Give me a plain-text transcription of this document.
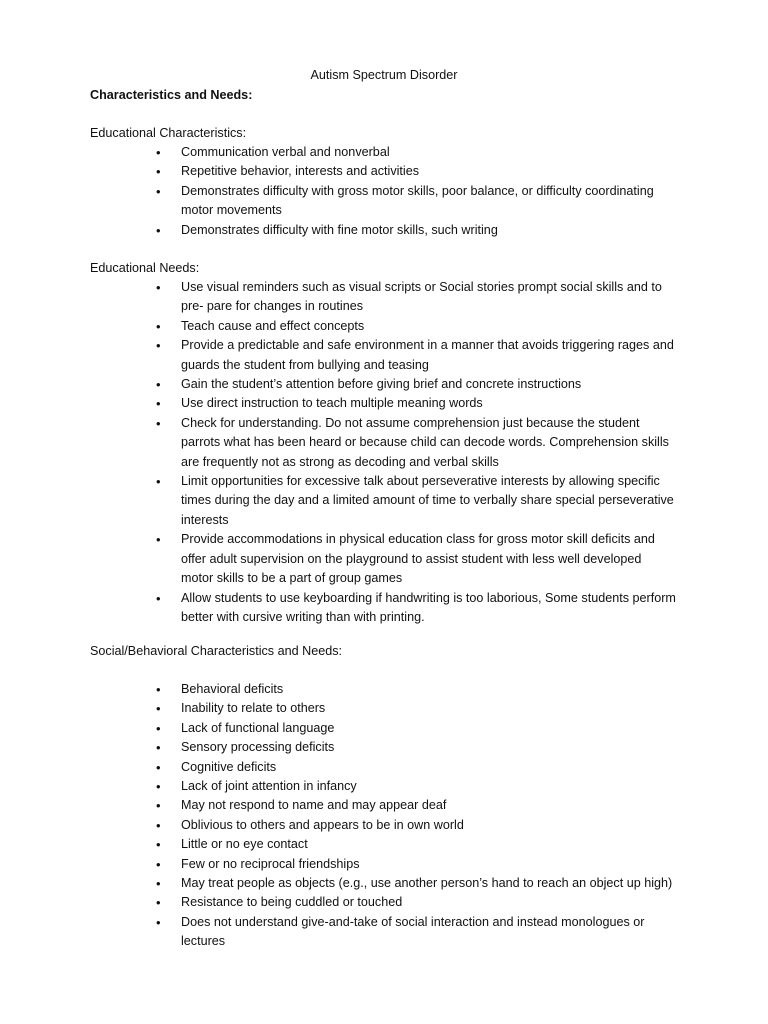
Autism Spectrum Disorder
Characteristics and Needs:
Educational Characteristics:
• Communication verbal and nonverbal
• Repetitive behavior, interests and activities
• Demonstrates difficulty with gross motor skills, poor balance, or difficulty coordinating motor movements
• Demonstrates difficulty with fine motor skills, such writing
Educational Needs:
• Use visual reminders such as visual scripts or Social stories prompt social skills and to pre- pare for changes in routines
• Teach cause and effect concepts
• Provide a predictable and safe environment in a manner that avoids triggering rages and guards the student from bullying and teasing
• Gain the student’s attention before giving brief and concrete instructions
• Use direct instruction to teach multiple meaning words
• Check for understanding. Do not assume comprehension just because the student parrots what has been heard or because child can decode words. Comprehension skills are frequently not as strong as decoding and verbal skills
• Limit opportunities for excessive talk about perseverative interests by allowing specific times during the day and a limited amount of time to verbally share special perseverative interests
• Provide accommodations in physical education class for gross motor skill deficits and offer adult supervision on the playground to assist student with less well developed motor skills to be a part of group games
• Allow students to use keyboarding if handwriting is too laborious, Some students perform better with cursive writing than with printing.
Social/Behavioral Characteristics and Needs:
• Behavioral deficits
• Inability to relate to others
• Lack of functional language
• Sensory processing deficits
• Cognitive deficits
• Lack of joint attention in infancy
• May not respond to name and may appear deaf
• Oblivious to others and appears to be in own world
• Little or no eye contact
• Few or no reciprocal friendships
• May treat people as objects (e.g., use another person’s hand to reach an object up high)
• Resistance to being cuddled or touched
• Does not understand give-and-take of social interaction and instead monologues or lectures
